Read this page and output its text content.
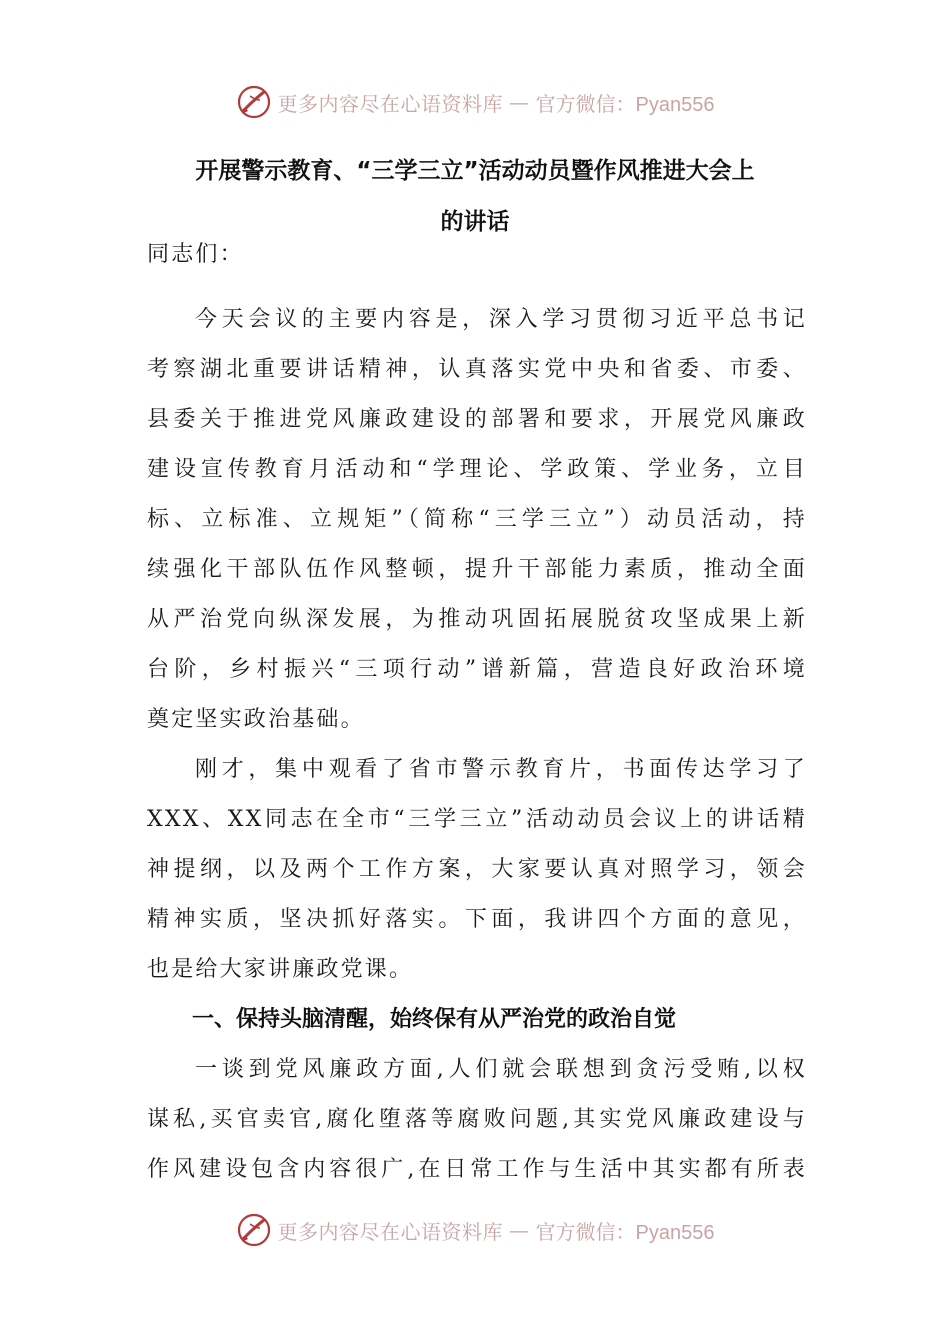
更多内容尽在心语资料库 — 官方微信：Pyan556
开展警示教育、“三学三立”活动动员暨作风推进大会上
的讲话

同志们：

今天会议的主要内容是，深入学习贯彻习近平总书记
考察湖北重要讲话精神，认真落实党中央和省委、市委、
县委关于推进党风廉政建设的部署和要求，开展党风廉政
建设宣传教育月活动和“学理论、学政策、学业务，立目
标、立标准、立规矩”（简称“三学三立”）动员活动，持
续强化干部队伍作风整顿，提升干部能力素质，推动全面
从严治党向纵深发展，为推动巩固拓展脱贫攻坚成果上新
台阶，乡村振兴“三项行动”谱新篇，营造良好政治环境
奠定坚实政治基础。
刚才，集中观看了省市警示教育片，书面传达学习了
XXX、XX同志在全市“三学三立”活动动员会议上的讲话精
神提纲，以及两个工作方案，大家要认真对照学习，领会
精神实质，坚决抓好落实。下面，我讲四个方面的意见，
也是给大家讲廉政党课。
一、保持头脑清醒，始终保有从严治党的政治自觉
一谈到党风廉政方面,人们就会联想到贪污受贿,以权
谋私,买官卖官,腐化堕落等腐败问题,其实党风廉政建设与
作风建设包含内容很广,在日常工作与生活中其实都有所表
更多内容尽在心语资料库 — 官方微信：Pyan556
